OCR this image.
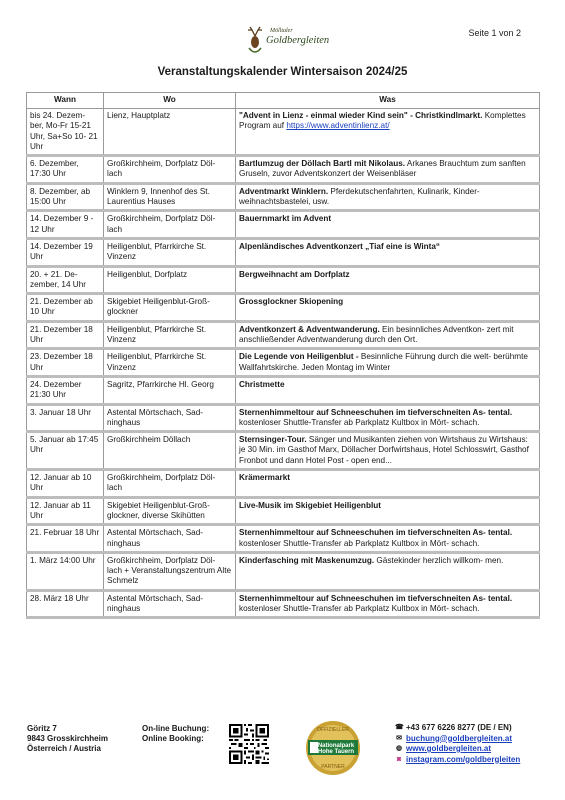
Seite 1 von 2
Mölltaler
Goldbergleiten
Veranstaltungskalender Wintersaison 2024/25
Wann	Wo	Was
bis 24. Dezem- ber, Mo-Fr 15-21 Uhr, Sa+So 10- 21 Uhr	Lienz, Hauptplatz	"Advent in Lienz - einmal wieder Kind sein" - Christkindlmarkt. Komplettes Program auf https://www.adventinlienz.at/
6. Dezember, 17:30 Uhr	Großkirchheim, Dorfplatz Döl- lach	Bartlumzug der Döllach Bartl mit Nikolaus. Arkanes Brauchtum zum sanften Gruseln, zuvor Adventskonzert der Weisenbläser
8. Dezember, ab 15:00 Uhr	Winklern 9, Innenhof des St. Laurentius Hauses	Adventmarkt Winklern. Pferdekutschenfahrten, Kulinarik, Kinder- weihnachtsbastelei, usw.
14. Dezember 9 - 12 Uhr	Großkirchheim, Dorfplatz Döl- lach	Bauernmarkt im Advent
14. Dezember 19 Uhr	Heiligenblut, Pfarrkirche St. Vinzenz	Alpenländisches Adventkonzert „Tiaf eine is Winta“
20. + 21. De- zember, 14 Uhr	Heiligenblut, Dorfplatz	Bergweihnacht am Dorfplatz
21. Dezember ab 10 Uhr	Skigebiet Heiligenblut-Groß- glockner	Grossglockner Skiopening
21. Dezember 18 Uhr	Heiligenblut, Pfarrkirche St. Vinzenz	Adventkonzert & Adventwanderung. Ein besinnliches Adventkon- zert mit anschließender Adventwanderung durch den Ort.
23. Dezember 18 Uhr	Heiligenblut, Pfarrkirche St. Vinzenz	Die Legende von Heiligenblut - Besinnliche Führung durch die welt- berühmte Wallfahrtskirche. Jeden Montag im Winter
24. Dezember 21:30 Uhr	Sagritz, Pfarrkirche Hl. Georg	Christmette
3. Januar 18 Uhr	Astental Mörtschach, Sad- ninghaus	Sternenhimmeltour auf Schneeschuhen im tiefverschneiten As- tental. kostenloser Shuttle-Transfer ab Parkplatz Kultbox in Mört- schach.
5. Januar ab 17:45 Uhr	Großkirchheim Döllach	Sternsinger-Tour. Sänger und Musikanten ziehen von Wirtshaus zu Wirtshaus: je 30 Min. im Gasthof Marx, Döllacher Dorfwirtshaus, Hotel Schlosswirt, Gasthof Fronbot und dann Hotel Post - open end...
12. Januar ab 10 Uhr	Großkirchheim, Dorfplatz Döl- lach	Krämermarkt
12. Januar ab 11 Uhr	Skigebiet Heiligenblut-Groß- glockner, diverse Skihütten	Live-Musik im Skigebiet Heiligenblut
21. Februar 18 Uhr	Astental Mörtschach, Sad- ninghaus	Sternenhimmeltour auf Schneeschuhen im tiefverschneiten As- tental. kostenloser Shuttle-Transfer ab Parkplatz Kultbox in Mört- schach.
1. März 14:00 Uhr	Großkirchheim, Dorfplatz Döl- lach + Veranstaltungszentrum Alte Schmelz	Kinderfasching mit Maskenumzug. Gästekinder herzlich willkom- men.
28. März 18 Uhr	Astental Mörtschach, Sad- ninghaus	Sternenhimmeltour auf Schneeschuhen im tiefverschneiten As- tental. kostenloser Shuttle-Transfer ab Parkplatz Kultbox in Mört- schach.
Göritz 7
9843 Grosskirchheim
Österreich / Austria
On-line Buchung:
Online Booking:
OFFIZIELLER
Nationalpark
Hohe Tauern
PARTNER
☎ +43 677 6226 8277 (DE / EN)
✉ buchung@goldbergleiten.at
◍ www.goldbergleiten.at
◙ instagram.com/goldbergleiten
